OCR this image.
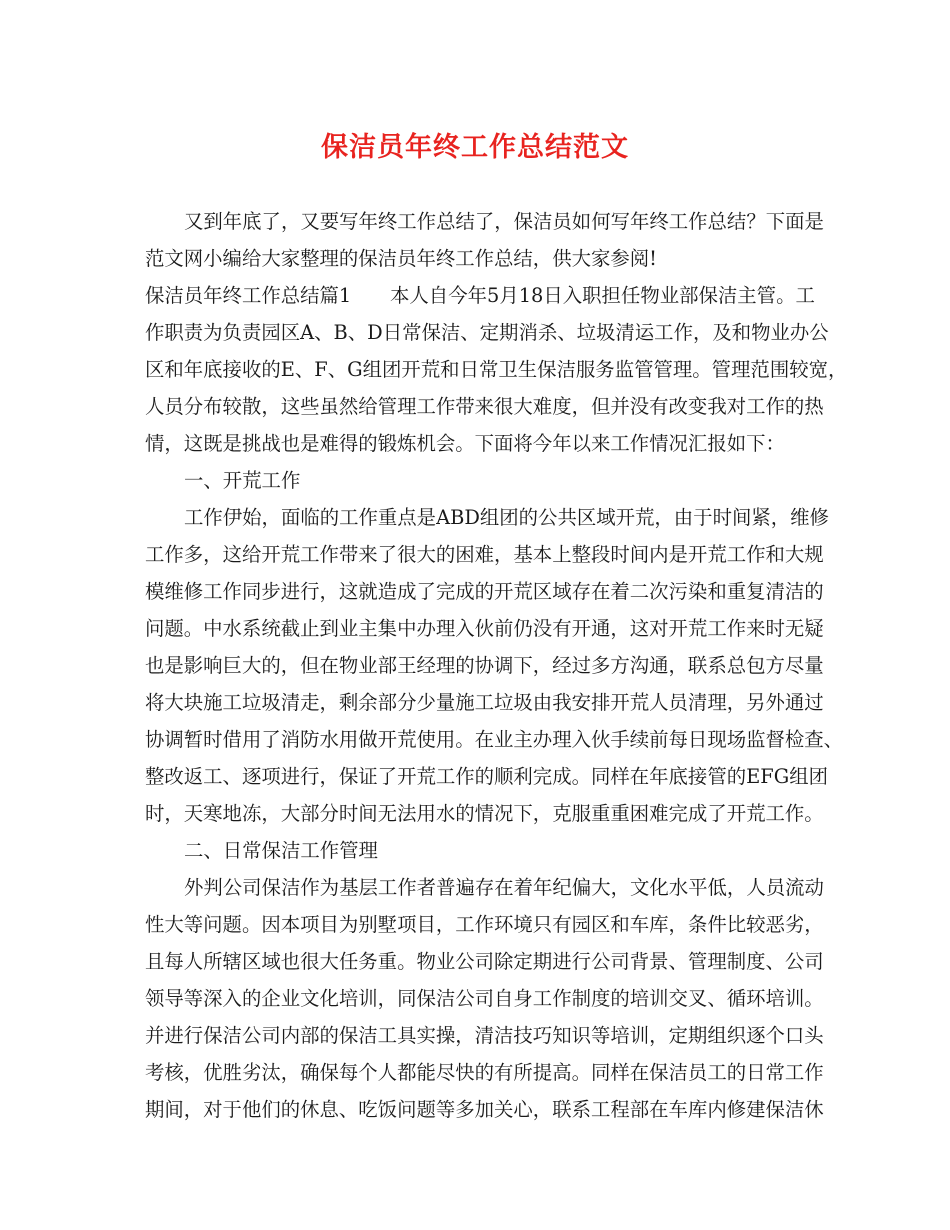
保洁员年终工作总结范文

又到年底了，又要写年终工作总结了，保洁员如何写年终工作总结？下面是

范文网小编给大家整理的保洁员年终工作总结，供大家参阅!

保洁员年终工作总结篇1　　本人自今年5月18日入职担任物业部保洁主管。工

作职责为负责园区A、B、D日常保洁、定期消杀、垃圾清运工作，及和物业办公

区和年底接收的E、F、G组团开荒和日常卫生保洁服务监管管理。管理范围较宽，

人员分布较散，这些虽然给管理工作带来很大难度，但并没有改变我对工作的热

情，这既是挑战也是难得的锻炼机会。下面将今年以来工作情况汇报如下：

一、开荒工作

工作伊始，面临的工作重点是ABD组团的公共区域开荒，由于时间紧，维修

工作多，这给开荒工作带来了很大的困难，基本上整段时间内是开荒工作和大规

模维修工作同步进行，这就造成了完成的开荒区域存在着二次污染和重复清洁的

问题。中水系统截止到业主集中办理入伙前仍没有开通，这对开荒工作来时无疑

也是影响巨大的，但在物业部王经理的协调下，经过多方沟通，联系总包方尽量

将大块施工垃圾清走，剩余部分少量施工垃圾由我安排开荒人员清理，另外通过

协调暂时借用了消防水用做开荒使用。在业主办理入伙手续前每日现场监督检查、

整改返工、逐项进行，保证了开荒工作的顺利完成。同样在年底接管的EFG组团

时，天寒地冻，大部分时间无法用水的情况下，克服重重困难完成了开荒工作。

二、日常保洁工作管理

外判公司保洁作为基层工作者普遍存在着年纪偏大，文化水平低，人员流动

性大等问题。因本项目为别墅项目，工作环境只有园区和车库，条件比较恶劣，

且每人所辖区域也很大任务重。物业公司除定期进行公司背景、管理制度、公司

领导等深入的企业文化培训，同保洁公司自身工作制度的培训交叉、循环培训。

并进行保洁公司内部的保洁工具实操，清洁技巧知识等培训，定期组织逐个口头

考核，优胜劣汰，确保每个人都能尽快的有所提高。同样在保洁员工的日常工作

期间，对于他们的休息、吃饭问题等多加关心，联系工程部在车库内修建保洁休
